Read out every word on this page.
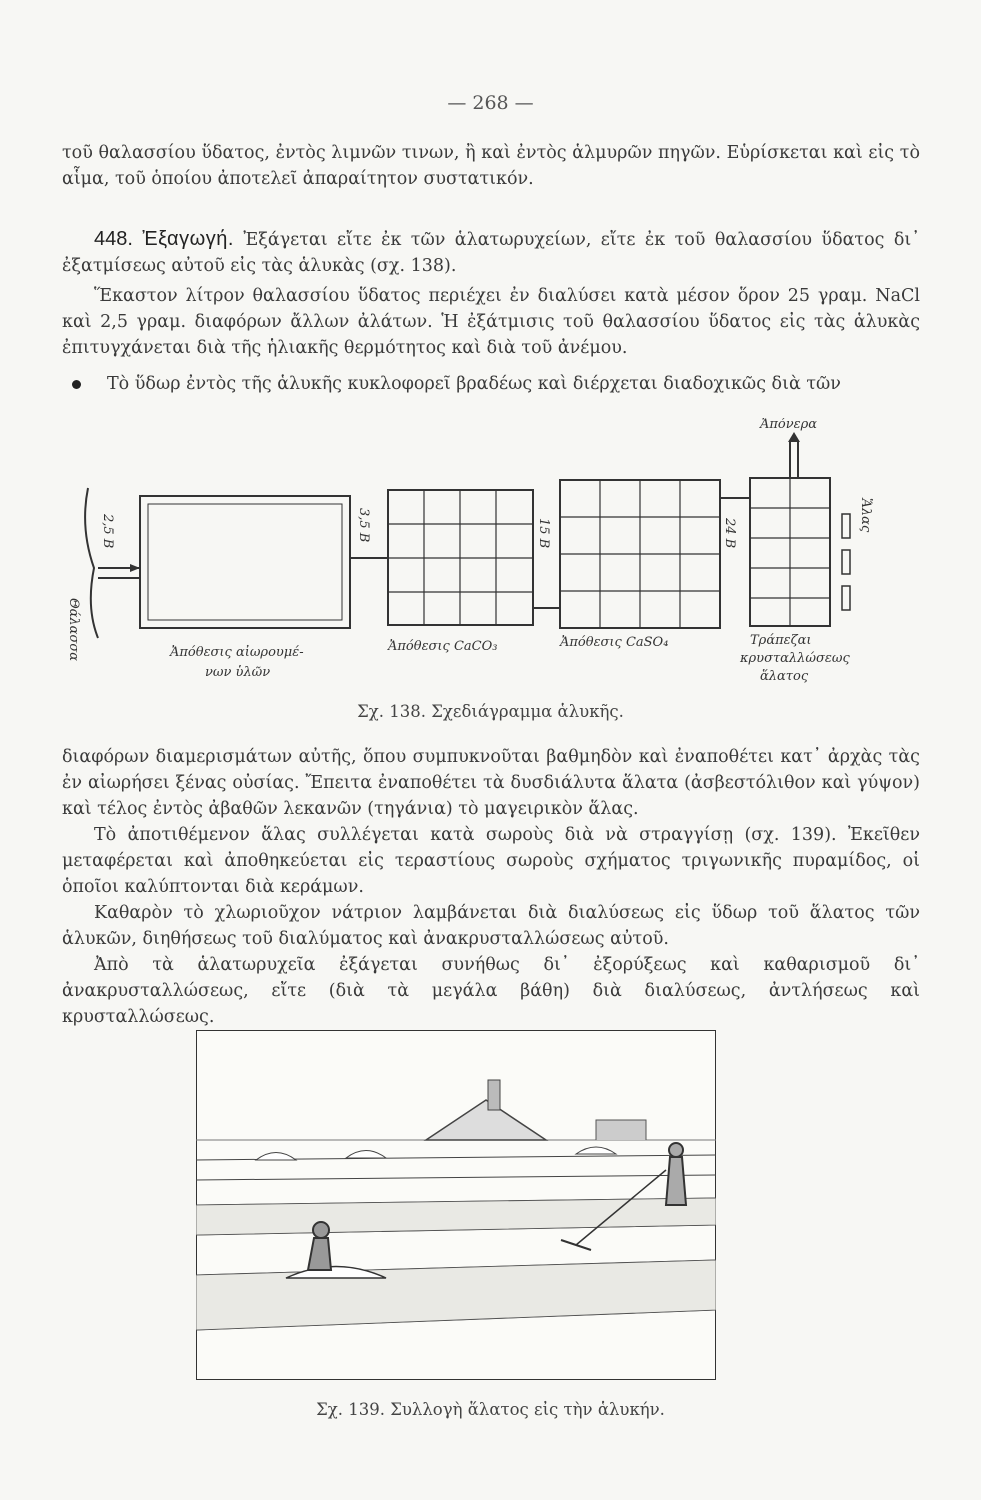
— 268 —

τοῦ θαλασσίου ὕδατος, ἐντὸς λιμνῶν τινων, ἢ καὶ ἐντὸς ἁλμυρῶν πηγῶν. Εὑρίσκεται καὶ εἰς τὸ αἷμα, τοῦ ὁποίου ἀποτελεῖ ἀπαραίτητον συστατικόν.

448. Ἐξαγωγή. Ἐξάγεται εἴτε ἐκ τῶν ἁλατωρυχείων, εἴτε ἐκ τοῦ θαλασσίου ὕδατος δι᾽ ἐξατμίσεως αὐτοῦ εἰς τὰς ἁλυκὰς (σχ. 138).

Ἕκαστον λίτρον θαλασσίου ὕδατος περιέχει ἐν διαλύσει κατὰ μέσον ὅρον 25 γραμ. NaCl καὶ 2,5 γραμ. διαφόρων ἄλλων ἀλάτων. Ἡ ἐξάτμισις τοῦ θαλασσίου ὕδατος εἰς τὰς ἁλυκὰς ἐπιτυγχάνεται διὰ τῆς ἡλιακῆς θερμότητος καὶ διὰ τοῦ ἀνέμου.

Τὸ ὕδωρ ἐντὸς τῆς ἁλυκῆς κυκλοφορεῖ βραδέως καὶ διέρχεται διαδοχικῶς διὰ τῶν

Θάλασσα
2,5 B	3,5 B	15 B	24 B
Ἀπόνερα
Ἅλας
Ἀπόθεσις αἰωρουμέ-
νων ὑλῶν
Ἀπόθεσις CaCO₃	Ἀπόθεσις CaSO₄	Τράπεζαι
κρυσταλλώσεως
ἅλατος
Σχ. 138. Σχεδιάγραμμα ἁλυκῆς.

διαφόρων διαμερισμάτων αὐτῆς, ὅπου συμπυκνοῦται βαθμηδὸν καὶ ἐναποθέτει κατ᾽ ἀρχὰς τὰς ἐν αἰωρήσει ξένας οὐσίας. Ἔπειτα ἐναποθέτει τὰ δυσδιάλυτα ἅλατα (ἀσβεστόλιθον καὶ γύψον) καὶ τέλος ἐντὸς ἀβαθῶν λεκανῶν (τηγάνια) τὸ μαγειρικὸν ἅλας.

Τὸ ἀποτιθέμενον ἅλας συλλέγεται κατὰ σωροὺς διὰ νὰ στραγγίσῃ (σχ. 139). Ἐκεῖθεν μεταφέρεται καὶ ἀποθηκεύεται εἰς τεραστίους σωροὺς σχήματος τριγωνικῆς πυραμίδος, οἱ ὁποῖοι καλύπτονται διὰ κεράμων.

Καθαρὸν τὸ χλωριοῦχον νάτριον λαμβάνεται διὰ διαλύσεως εἰς ὕδωρ τοῦ ἅλατος τῶν ἁλυκῶν, διηθήσεως τοῦ διαλύματος καὶ ἀνακρυσταλλώσεως αὐτοῦ.

Ἀπὸ τὰ ἁλατωρυχεῖα ἐξάγεται συνήθως δι᾽ ἐξορύξεως καὶ καθαρισμοῦ δι᾽ ἀνακρυσταλλώσεως, εἴτε (διὰ τὰ μεγάλα βάθη) διὰ διαλύσεως, ἀντλήσεως καὶ κρυσταλλώσεως.

Σχ. 139. Συλλογὴ ἅλατος εἰς τὴν ἁλυκήν.
